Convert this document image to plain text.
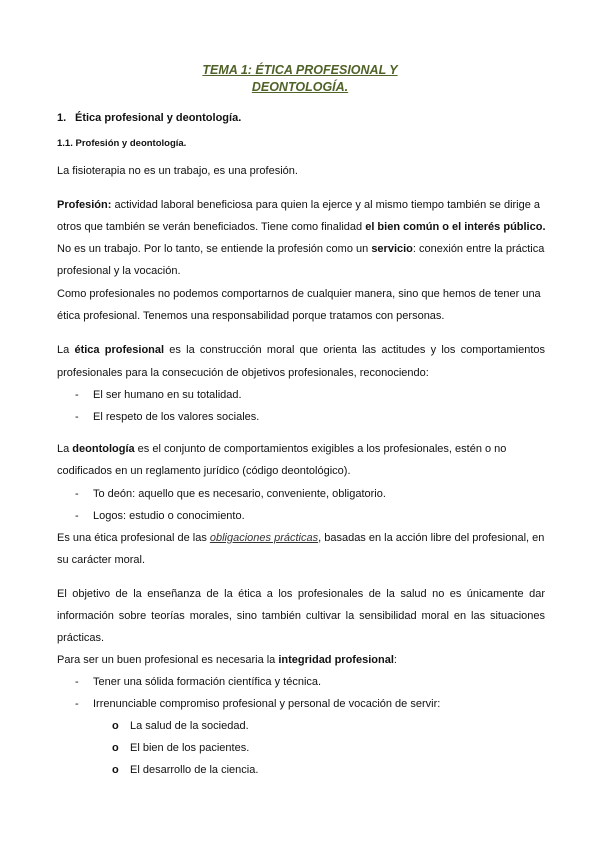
TEMA 1: ÉTICA PROFESIONAL Y
DEONTOLOGÍA.
1. Ética profesional y deontología.
1.1. Profesión y deontología.
La fisioterapia no es un trabajo, es una profesión.
Profesión: actividad laboral beneficiosa para quien la ejerce y al mismo tiempo también se dirige a
otros que también se verán beneficiados. Tiene como finalidad el bien común o el interés público.
No es un trabajo. Por lo tanto, se entiende la profesión como un servicio: conexión entre la práctica
profesional y la vocación.
Como profesionales no podemos comportarnos de cualquier manera, sino que hemos de tener una
ética profesional. Tenemos una responsabilidad porque tratamos con personas.
La ética profesional es la construcción moral que orienta las actitudes y los comportamientos
profesionales para la consecución de objetivos profesionales, reconociendo:
- El ser humano en su totalidad.
- El respeto de los valores sociales.
La deontología es el conjunto de comportamientos exigibles a los profesionales, estén o no
codificados en un reglamento jurídico (código deontológico).
- To deón: aquello que es necesario, conveniente, obligatorio.
- Logos: estudio o conocimiento.
Es una ética profesional de las obligaciones prácticas, basadas en la acción libre del profesional, en
su carácter moral.
El objetivo de la enseñanza de la ética a los profesionales de la salud no es únicamente dar
información sobre teorías morales, sino también cultivar la sensibilidad moral en las situaciones
prácticas.
Para ser un buen profesional es necesaria la integridad profesional:
- Tener una sólida formación científica y técnica.
- Irrenunciable compromiso profesional y personal de vocación de servir:
o La salud de la sociedad.
o El bien de los pacientes.
o El desarrollo de la ciencia.
